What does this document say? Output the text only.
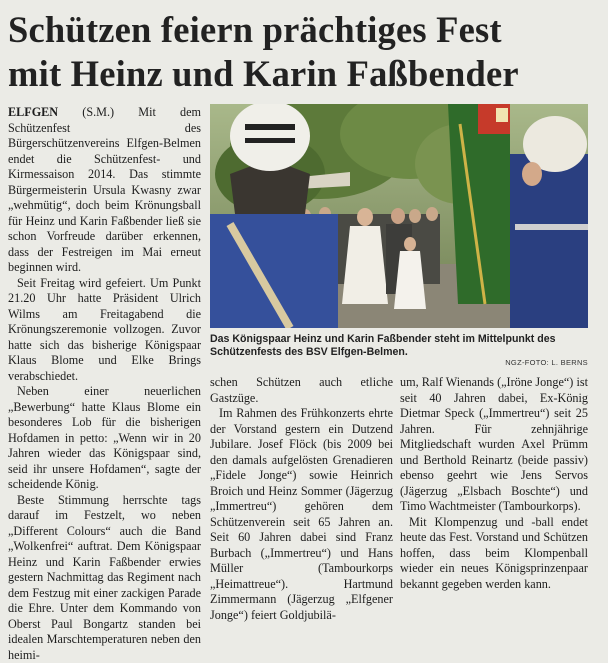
Schützen feiern prächtiges Fest
mit Heinz und Karin Faßbender

ELFGEN (S.M.) Mit dem Schützenfest des Bürgerschützenvereins Elfgen-Belmen endet die Schützenfest- und Kirmessaison 2014. Das stimmte Bürgermeisterin Ursula Kwasny zwar „wehmütig“, doch beim Krönungsball für Heinz und Karin Faßbender ließ sie schon Vorfreude darüber erkennen, dass der Festreigen im Mai erneut beginnen wird.

Seit Freitag wird gefeiert. Um Punkt 21.20 Uhr hatte Präsident Ulrich Wilms am Freitagabend die Krönungszeremonie vollzogen. Zuvor hatte sich das bisherige Königspaar Klaus Blome und Elke Brings verabschiedet.

Neben einer neuerlichen „Bewerbung“ hatte Klaus Blome ein besonderes Lob für die bisherigen Hofdamen in petto: „Wenn wir in 20 Jahren wieder das Königspaar sind, seid ihr unsere Hofdamen“, sagte der scheidende König.

Beste Stimmung herrschte tags darauf im Festzelt, wo neben „Different Colours“ auch die Band „Wolkenfrei“ auftrat. Dem Königspaar Heinz und Karin Faßbender erwies gestern Nachmittag das Regiment nach dem Festzug mit einer zackigen Parade die Ehre. Unter dem Kommando von Oberst Paul Bongartz standen bei idealen Marschtemperaturen neben den heimi-

Das Königspaar Heinz und Karin Faßbender steht im Mittelpunkt des Schützenfests des BSV Elfgen-Belmen.
NGZ-FOTO: L. BERNS

schen Schützen auch etliche Gastzüge.

Im Rahmen des Frühkonzerts ehrte der Vorstand gestern ein Dutzend Jubilare. Josef Flöck (bis 2009 bei den damals aufgelösten Grenadieren „Fidele Jonge“) sowie Heinrich Broich und Heinz Sommer (Jägerzug „Immertreu“) gehören dem Schützenverein seit 65 Jahren an. Seit 60 Jahren dabei sind Franz Burbach („Immertreu“) und Hans Müller (Tambourkorps „Heimattreue“). Hartmund Zimmermann (Jägerzug „Elfgener Jonge“) feiert Goldjubilä-

um, Ralf Wienands („Iröne Jonge“) ist seit 40 Jahren dabei, Ex-König Dietmar Speck („Immertreu“) seit 25 Jahren. Für zehnjährige Mitgliedschaft wurden Axel Prümm und Berthold Reinartz (beide passiv) ebenso geehrt wie Jens Servos (Jägerzug „Elsbach Boschte“) und Timo Wachtmeister (Tambourkorps).

Mit Klompenzug und -ball endet heute das Fest. Vorstand und Schützen hoffen, dass beim Klompenball wieder ein neues Königsprinzenpaar bekannt gegeben werden kann.
